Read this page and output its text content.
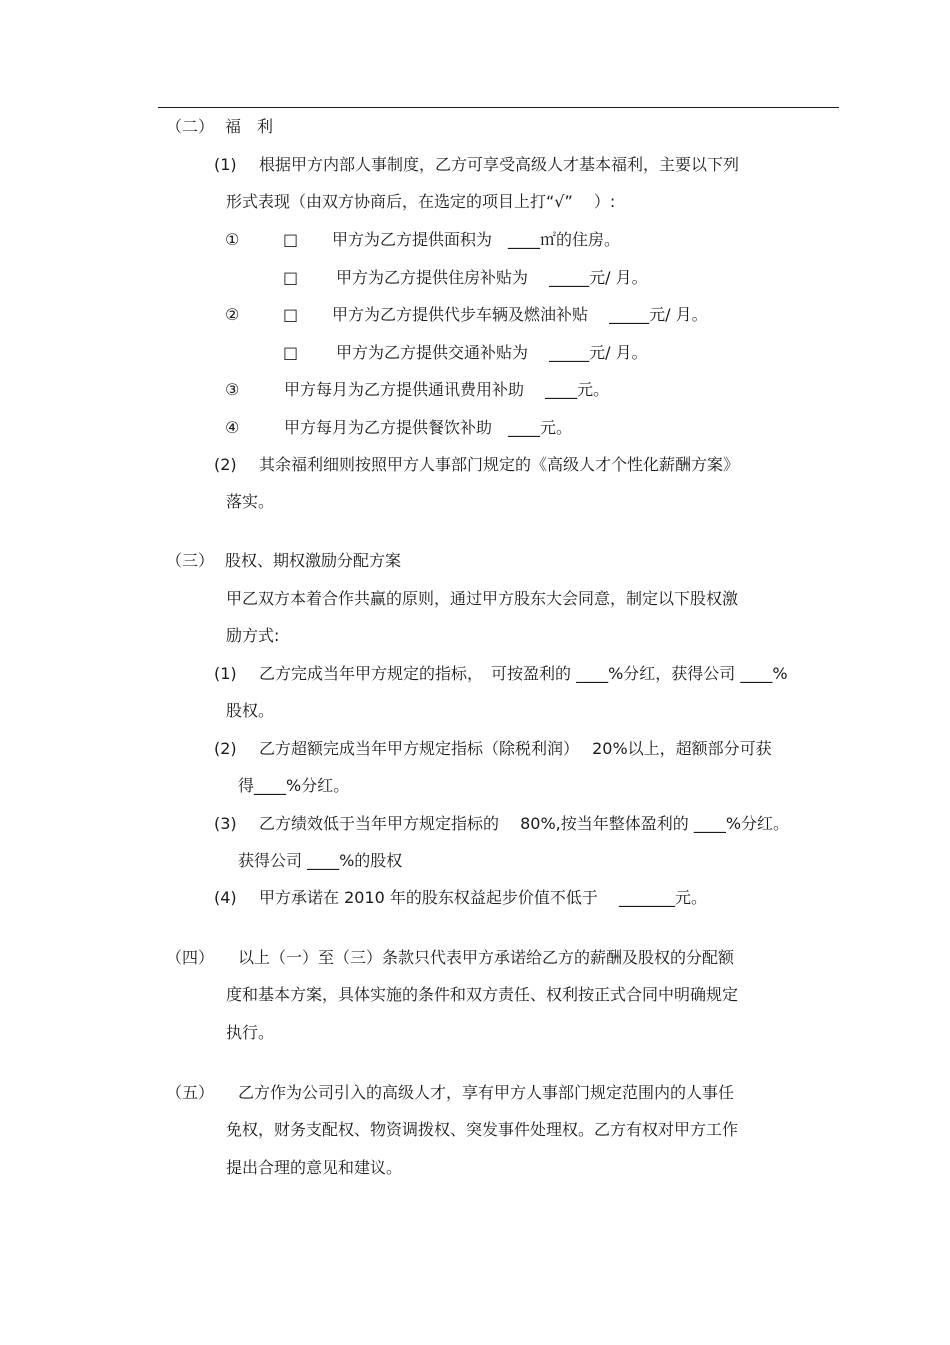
（二） 福　利
(1) 根据甲方内部人事制度，乙方可享受高级人才基本福利，主要以下列
形式表现（由双方协商后，在选定的项目上打“√”　 ）:
①	□ 甲方为乙方提供面积为　____㎡的住房。
□ 甲方为乙方提供住房补贴为　 _____元/ 月。
②	□ 甲方为乙方提供代步车辆及燃油补贴　 _____元/ 月。
□ 甲方为乙方提供交通补贴为　 _____元/ 月。
③	甲方每月为乙方提供通讯费用补助　 ____元。
④	甲方每月为乙方提供餐饮补助　____元。
(2) 其余福利细则按照甲方人事部门规定的《高级人才个性化薪酬方案》
落实。
（三） 股权、期权激励分配方案
甲乙双方本着合作共赢的原则，通过甲方股东大会同意，制定以下股权激
励方式:
(1) 乙方完成当年甲方规定的指标，　可按盈利的 ____%分红，获得公司 ____%
股权。
(2) 乙方超额完成当年甲方规定指标（除税利润）　 20%以上，超额部分可获
得____%分红。
(3) 乙方绩效低于当年甲方规定指标的　 80%,按当年整体盈利的 ____%分红。
获得公司 ____%的股权
(4) 甲方承诺在 2010 年的股东权益起步价值不低于　 _______元。
（四） 以上（一）至（三）条款只代表甲方承诺给乙方的薪酬及股权的分配额
度和基本方案，具体实施的条件和双方责任、权利按正式合同中明确规定
执行。
（五） 乙方作为公司引入的高级人才，享有甲方人事部门规定范围内的人事任
免权，财务支配权、物资调拨权、突发事件处理权。乙方有权对甲方工作
提出合理的意见和建议。
